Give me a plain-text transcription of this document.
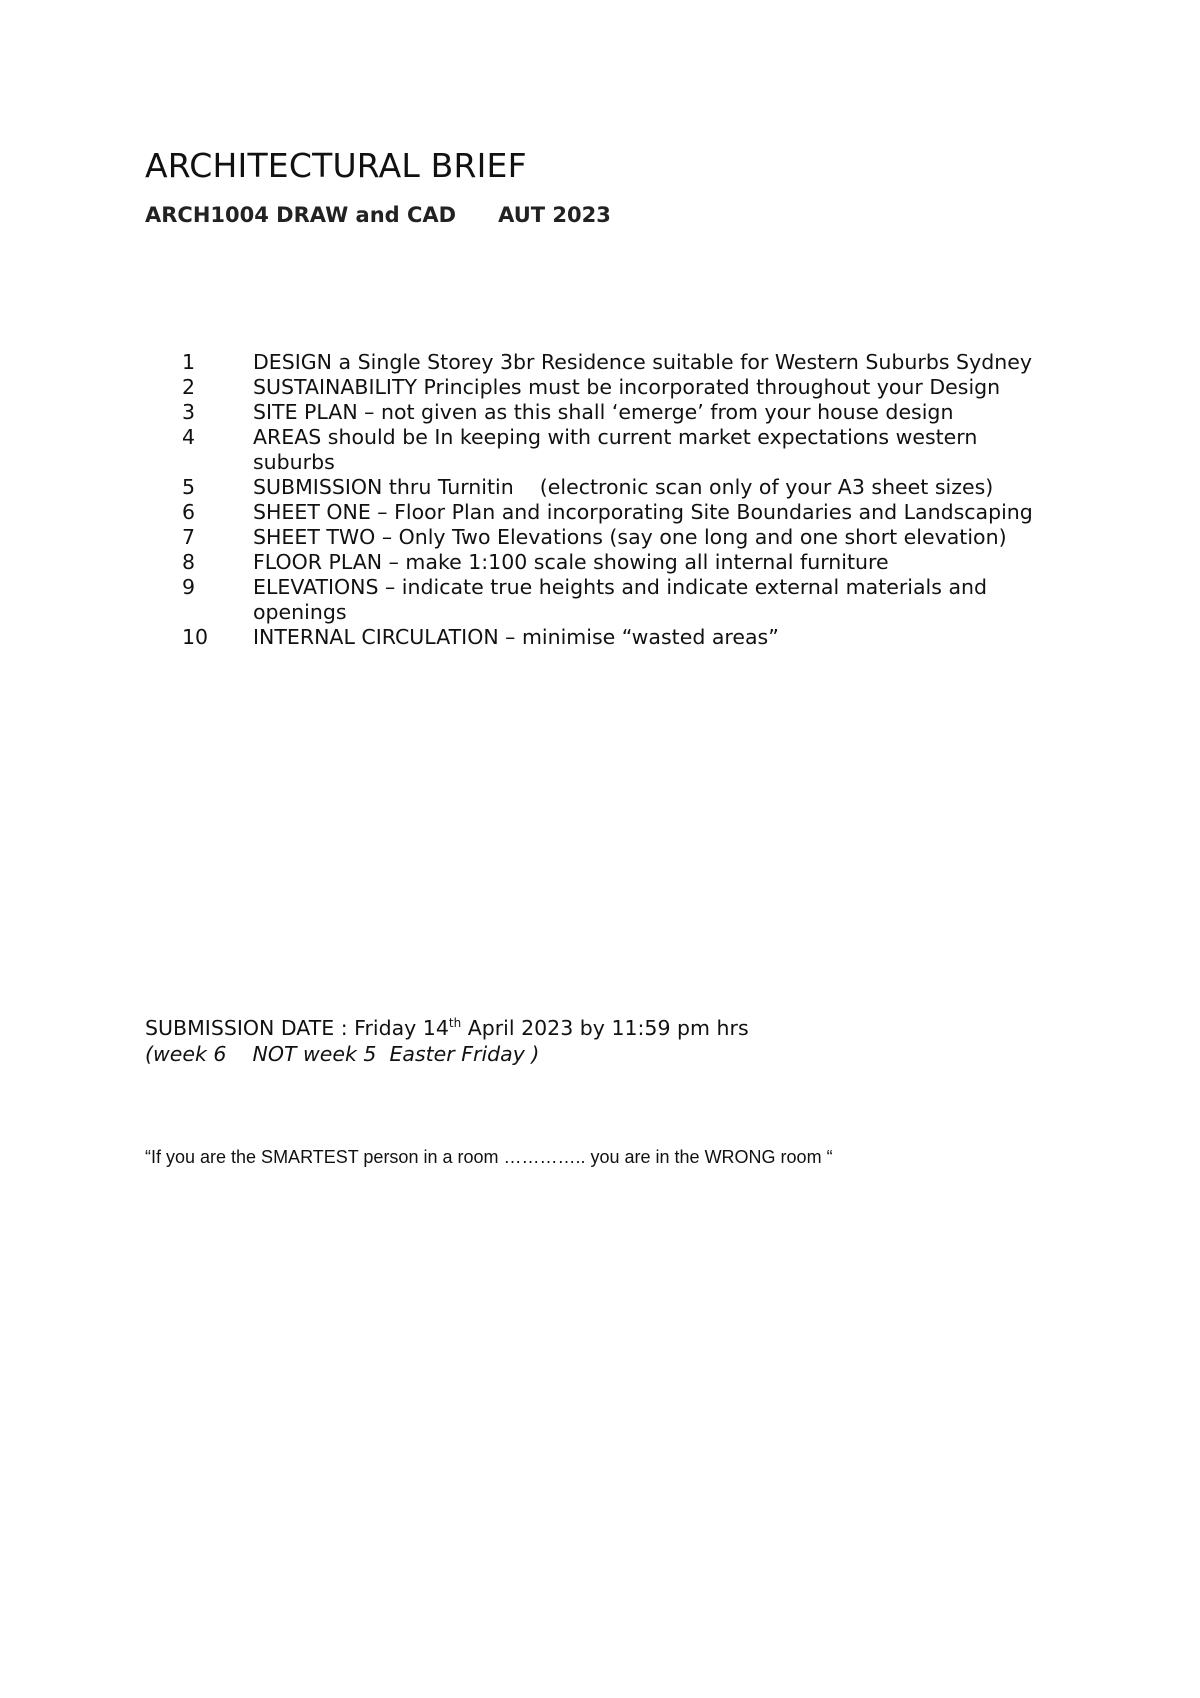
ARCHITECTURAL BRIEF
ARCH1004 DRAW and CAD AUT 2023
1	DESIGN a Single Storey 3br Residence suitable for Western Suburbs Sydney
2	SUSTAINABILITY Principles must be incorporated throughout your Design
3	SITE PLAN – not given as this shall ‘emerge’ from your house design
4	AREAS should be In keeping with current market expectations western suburbs
5	SUBMISSION thru Turnitin    (electronic scan only of your A3 sheet sizes)
6	SHEET ONE – Floor Plan and incorporating Site Boundaries and Landscaping
7	SHEET TWO – Only Two Elevations (say one long and one short elevation)
8	FLOOR PLAN – make 1:100 scale showing all internal furniture
9	ELEVATIONS – indicate true heights and indicate external materials and openings
10	INTERNAL CIRCULATION – minimise “wasted areas”
SUBMISSION DATE : Friday 14th April 2023 by 11:59 pm hrs
(week 6    NOT week 5  Easter Friday )
“If you are the SMARTEST person in a room ………….. you are in the WRONG room “
